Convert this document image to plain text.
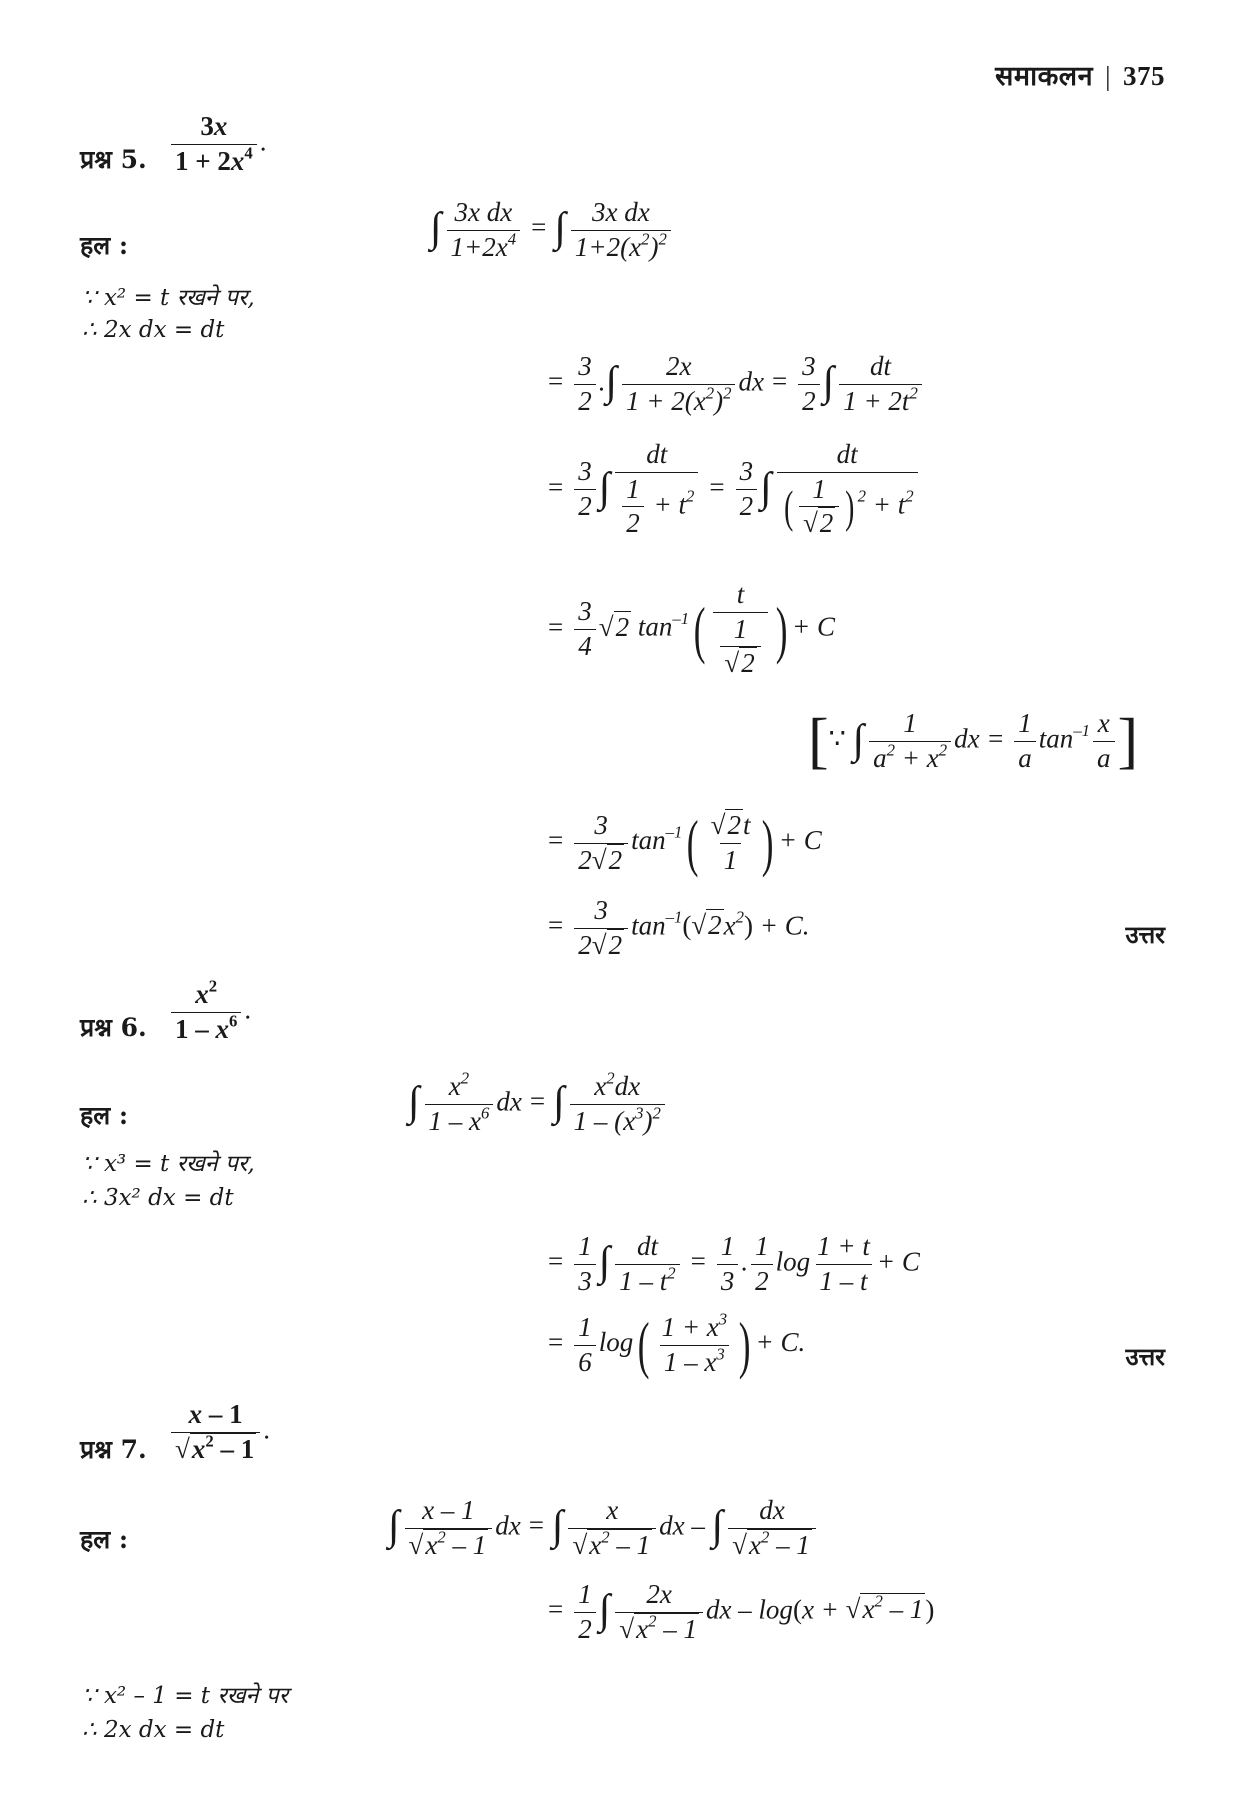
समाकलन | 375
प्रश्न 5. $\frac{3x}{1 + 2x^4}$ .
हल :
∵ x² = t रखने पर,
∴ 2x dx = dt
∫ $\frac{\text{3x dx}}{1+2x^4}$ = ∫ $\frac{\text{3x dx}}{1+2(x^2)^2}$
= $\frac{3}{2}$ .∫ $\frac{2x}{1 + 2(x^2)^2}$ dx = $\frac{3}{2}$ ∫ $\frac{dt}{1 + 2t^2}$
= $\frac{3}{2}$ ∫ $\frac{dt}{\frac{1}{2} + t^2} = \frac{3}{2}$ ∫ $\frac{dt}{( \frac{1}{√2} ) ^2 + t^2}$
= $\frac{3}{4} √2$ $\tan^{-1}( \frac{t}{\frac{1}{√2}}$ ) + C
[∵ ∫ $\frac{1}{a^2 + x^2}$ dx = $\frac{1}{a} \tan^{-1} \frac{x}{a}$ ]
= $\frac{3}{2√2} \tan^{-1}( \frac{√2t}{1}$ ) + C
= $\frac{3}{2√2} \tan^{-1}(√2x^2) + C$.	उत्तर
प्रश्न 6. $\frac{x^2}{1 - x^6}$ .
हल :
∵ x³ = t रखने पर,
∴ 3x² dx = dt
∫ $\frac{x^2}{1 - x^6}$ dx = ∫ $\frac{x^2dx}{1 - (x^3)^2}$
= $\frac{1}{3}$ ∫ $\frac{dt}{1 - t^2} = \frac{1}{3}$ . $\frac{1}{2}$ $\log \frac{1 + t}{1 - t} + C$
= $\frac{1}{6} \log( \frac{1 + x^3}{1 - x^3}$ ) + C.	उत्तर
प्रश्न 7. $\frac{x - 1}{√x^2 - 1}$ .
हल :	∫ $\frac{x - 1}{√x^2 - 1}$ dx = ∫ $\frac{x}{√x^2 - 1}$ dx – ∫ $\frac{dx}{√x^2 - 1}$
= $\frac{1}{2}$ ∫ $\frac{2x}{√x^2 - 1}$ dx – $\log(x + √x^2 - 1)$
∵ x² – 1 = t रखने पर
∴ 2x dx = dt
